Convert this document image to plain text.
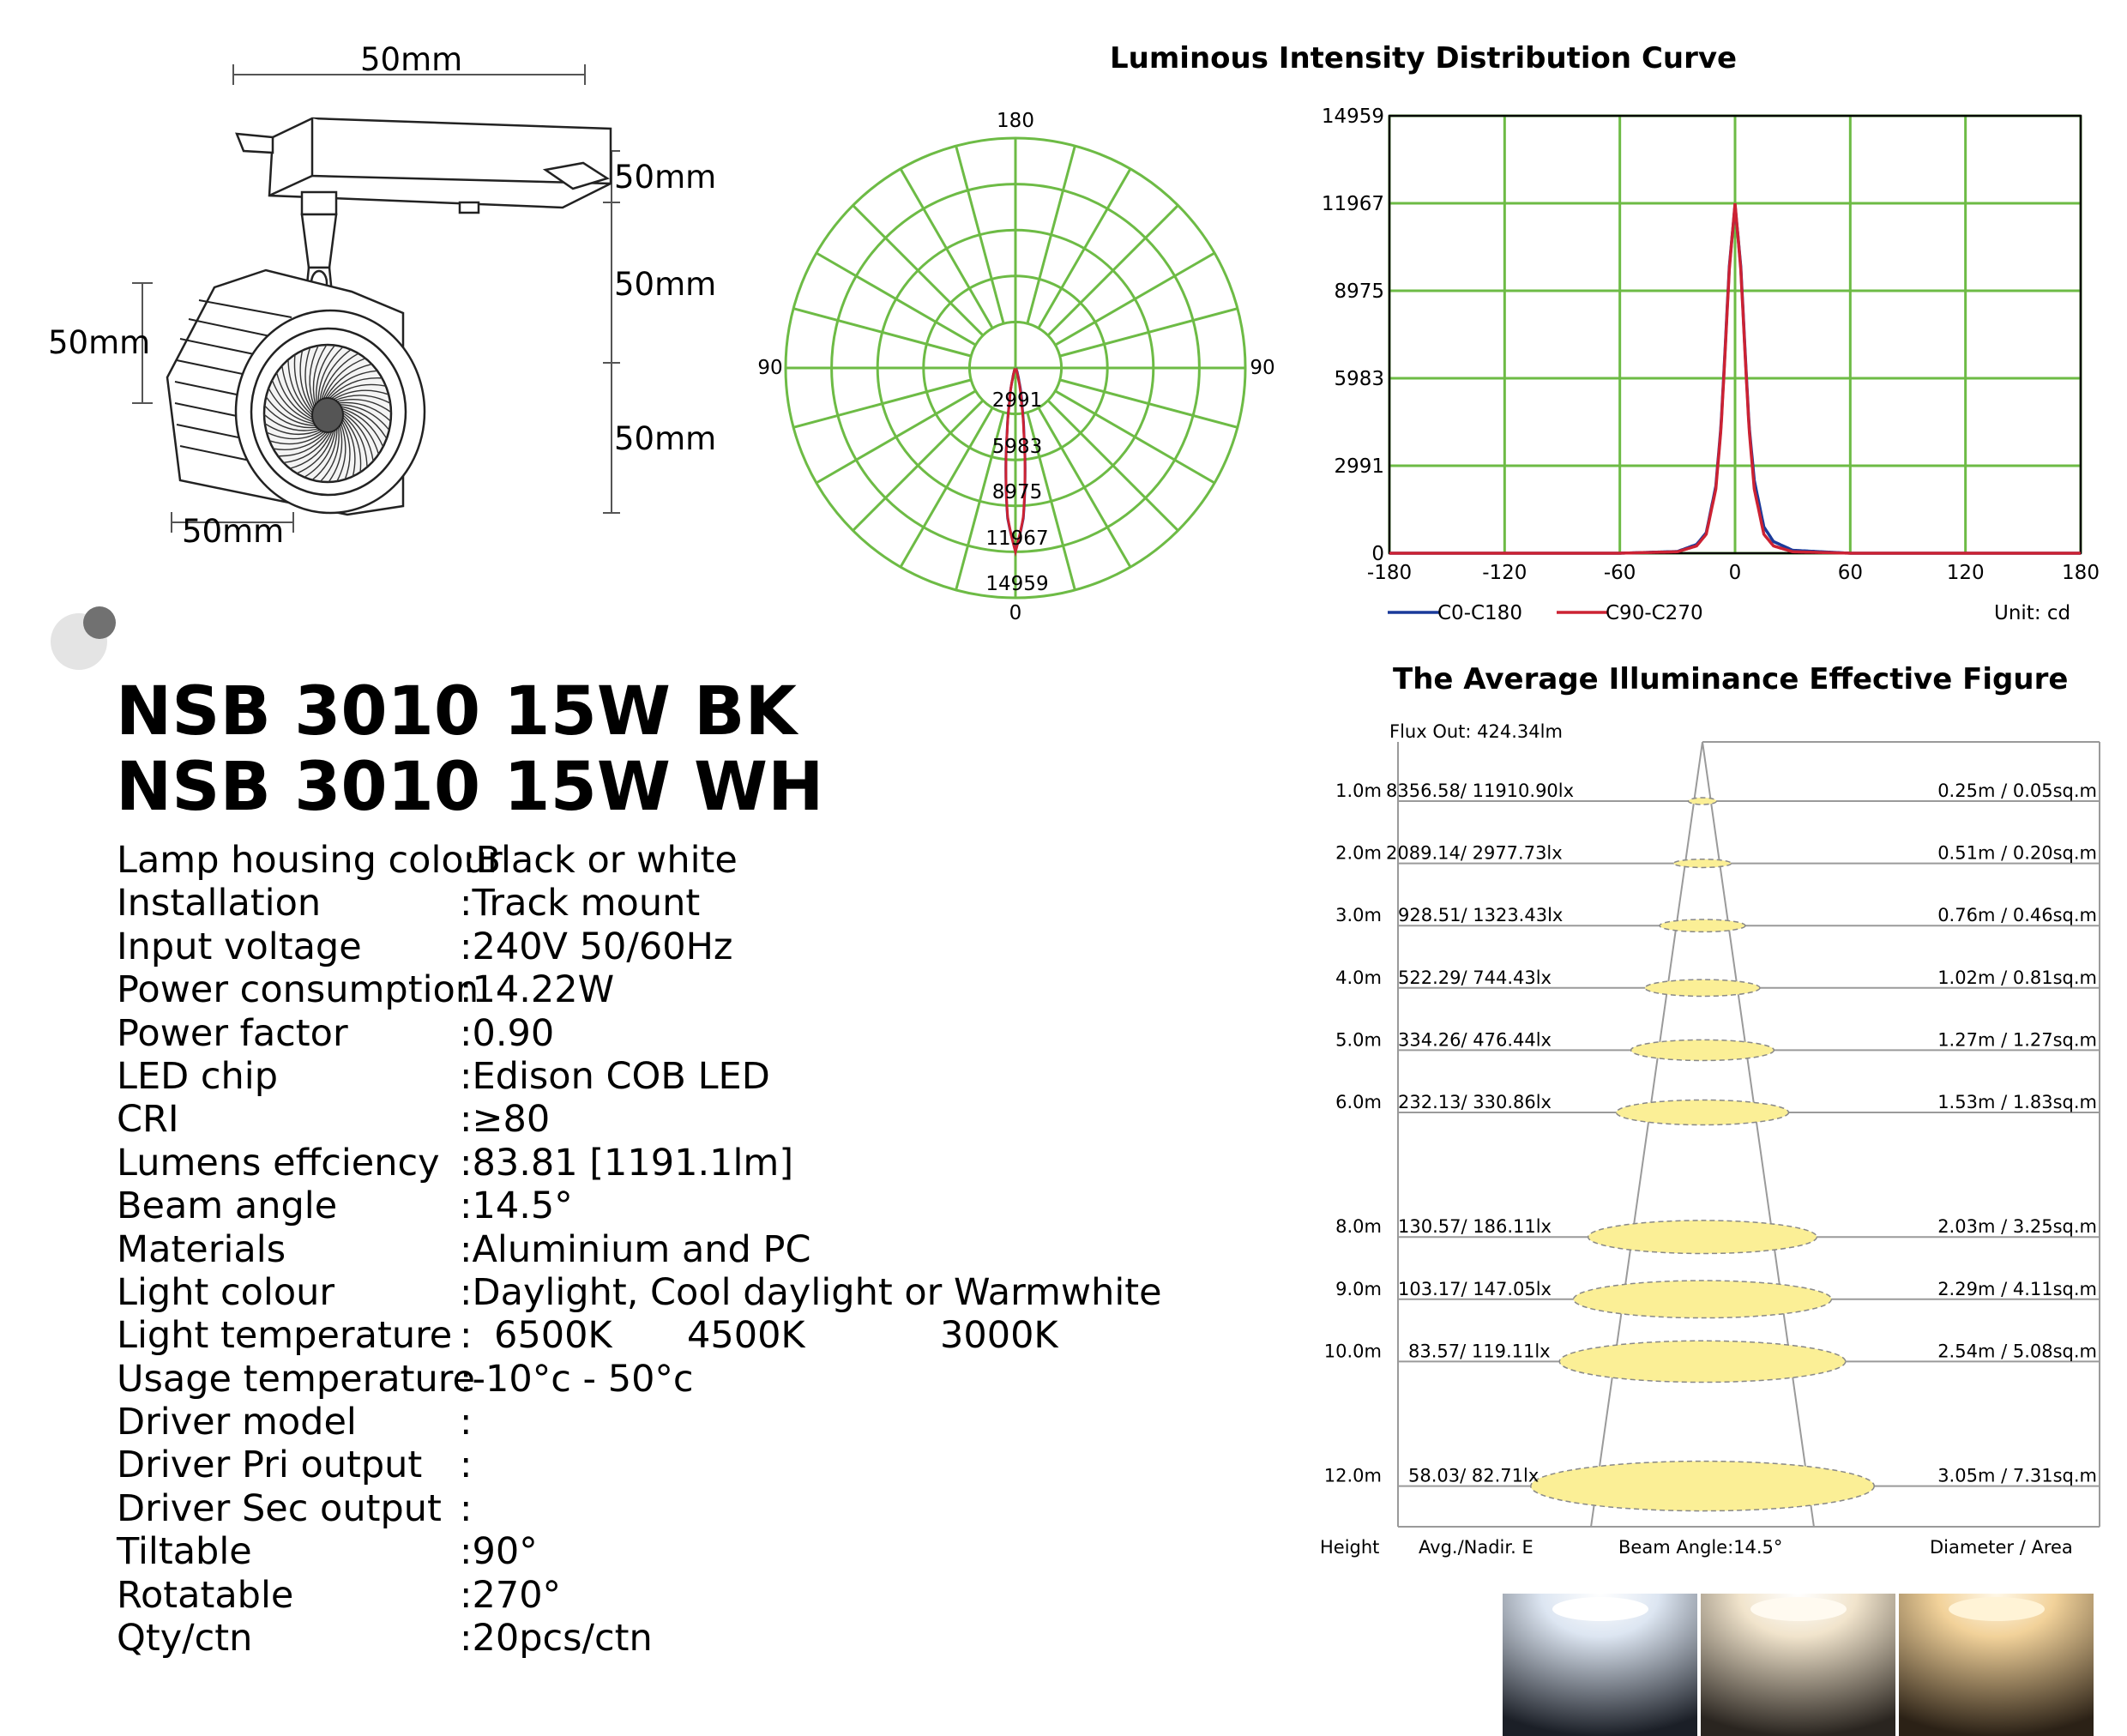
50mm
50mm
50mm
50mm
50mm
50mm
NSB 3010 15W BK
NSB 3010 15W WH
Lamp housing colour
:Black or white
Installation	:Track mount
Input voltage	:240V 50/60Hz
Power consumption
:14.22W
Power factor	:0.90
LED chip	:Edison COB LED
CRI	:≥80
Lumens effciency :83.81 [1191.1lm]
Beam angle	:14.5°
Materials	:Aluminium and PC
Light colour	:Daylight, Cool daylight or Warmwhite
Light temperature : 6500K 4500K	3000K
Usage temperature
:-10°c - 50°c
Driver model	:
Driver Pri output :
Driver Sec output :
Tiltable	:90°
Rotatable	:270°
Qty/ctn	:20pcs/ctn
Luminous Intensity Distribution Curve
180
90	90
0
2991
5983
8975
11967
14959	-180	-120	-60	0	60	120	180
0
2991
5983
8975
11967
14959
C0-C180	C90-C270	Unit: cd
The Average Illuminance Effective Figure
Flux Out: 424.34lm
1.0m 8356.58/ 11910.90lx	0.25m / 0.05sq.m
2.0m 2089.14/ 2977.73lx	0.51m / 0.20sq.m
3.0m 928.51/ 1323.43lx	0.76m / 0.46sq.m
4.0m 522.29/ 744.43lx	1.02m / 0.81sq.m
5.0m 334.26/ 476.44lx	1.27m / 1.27sq.m
6.0m 232.13/ 330.86lx	1.53m / 1.83sq.m
8.0m 130.57/ 186.11lx	2.03m / 3.25sq.m
9.0m 103.17/ 147.05lx	2.29m / 4.11sq.m
10.0m 83.57/ 119.11lx	2.54m / 5.08sq.m
12.0m 58.03/ 82.71lx	3.05m / 7.31sq.m
Height Avg./Nadir. E	Beam Angle:14.5°	Diameter / Area
